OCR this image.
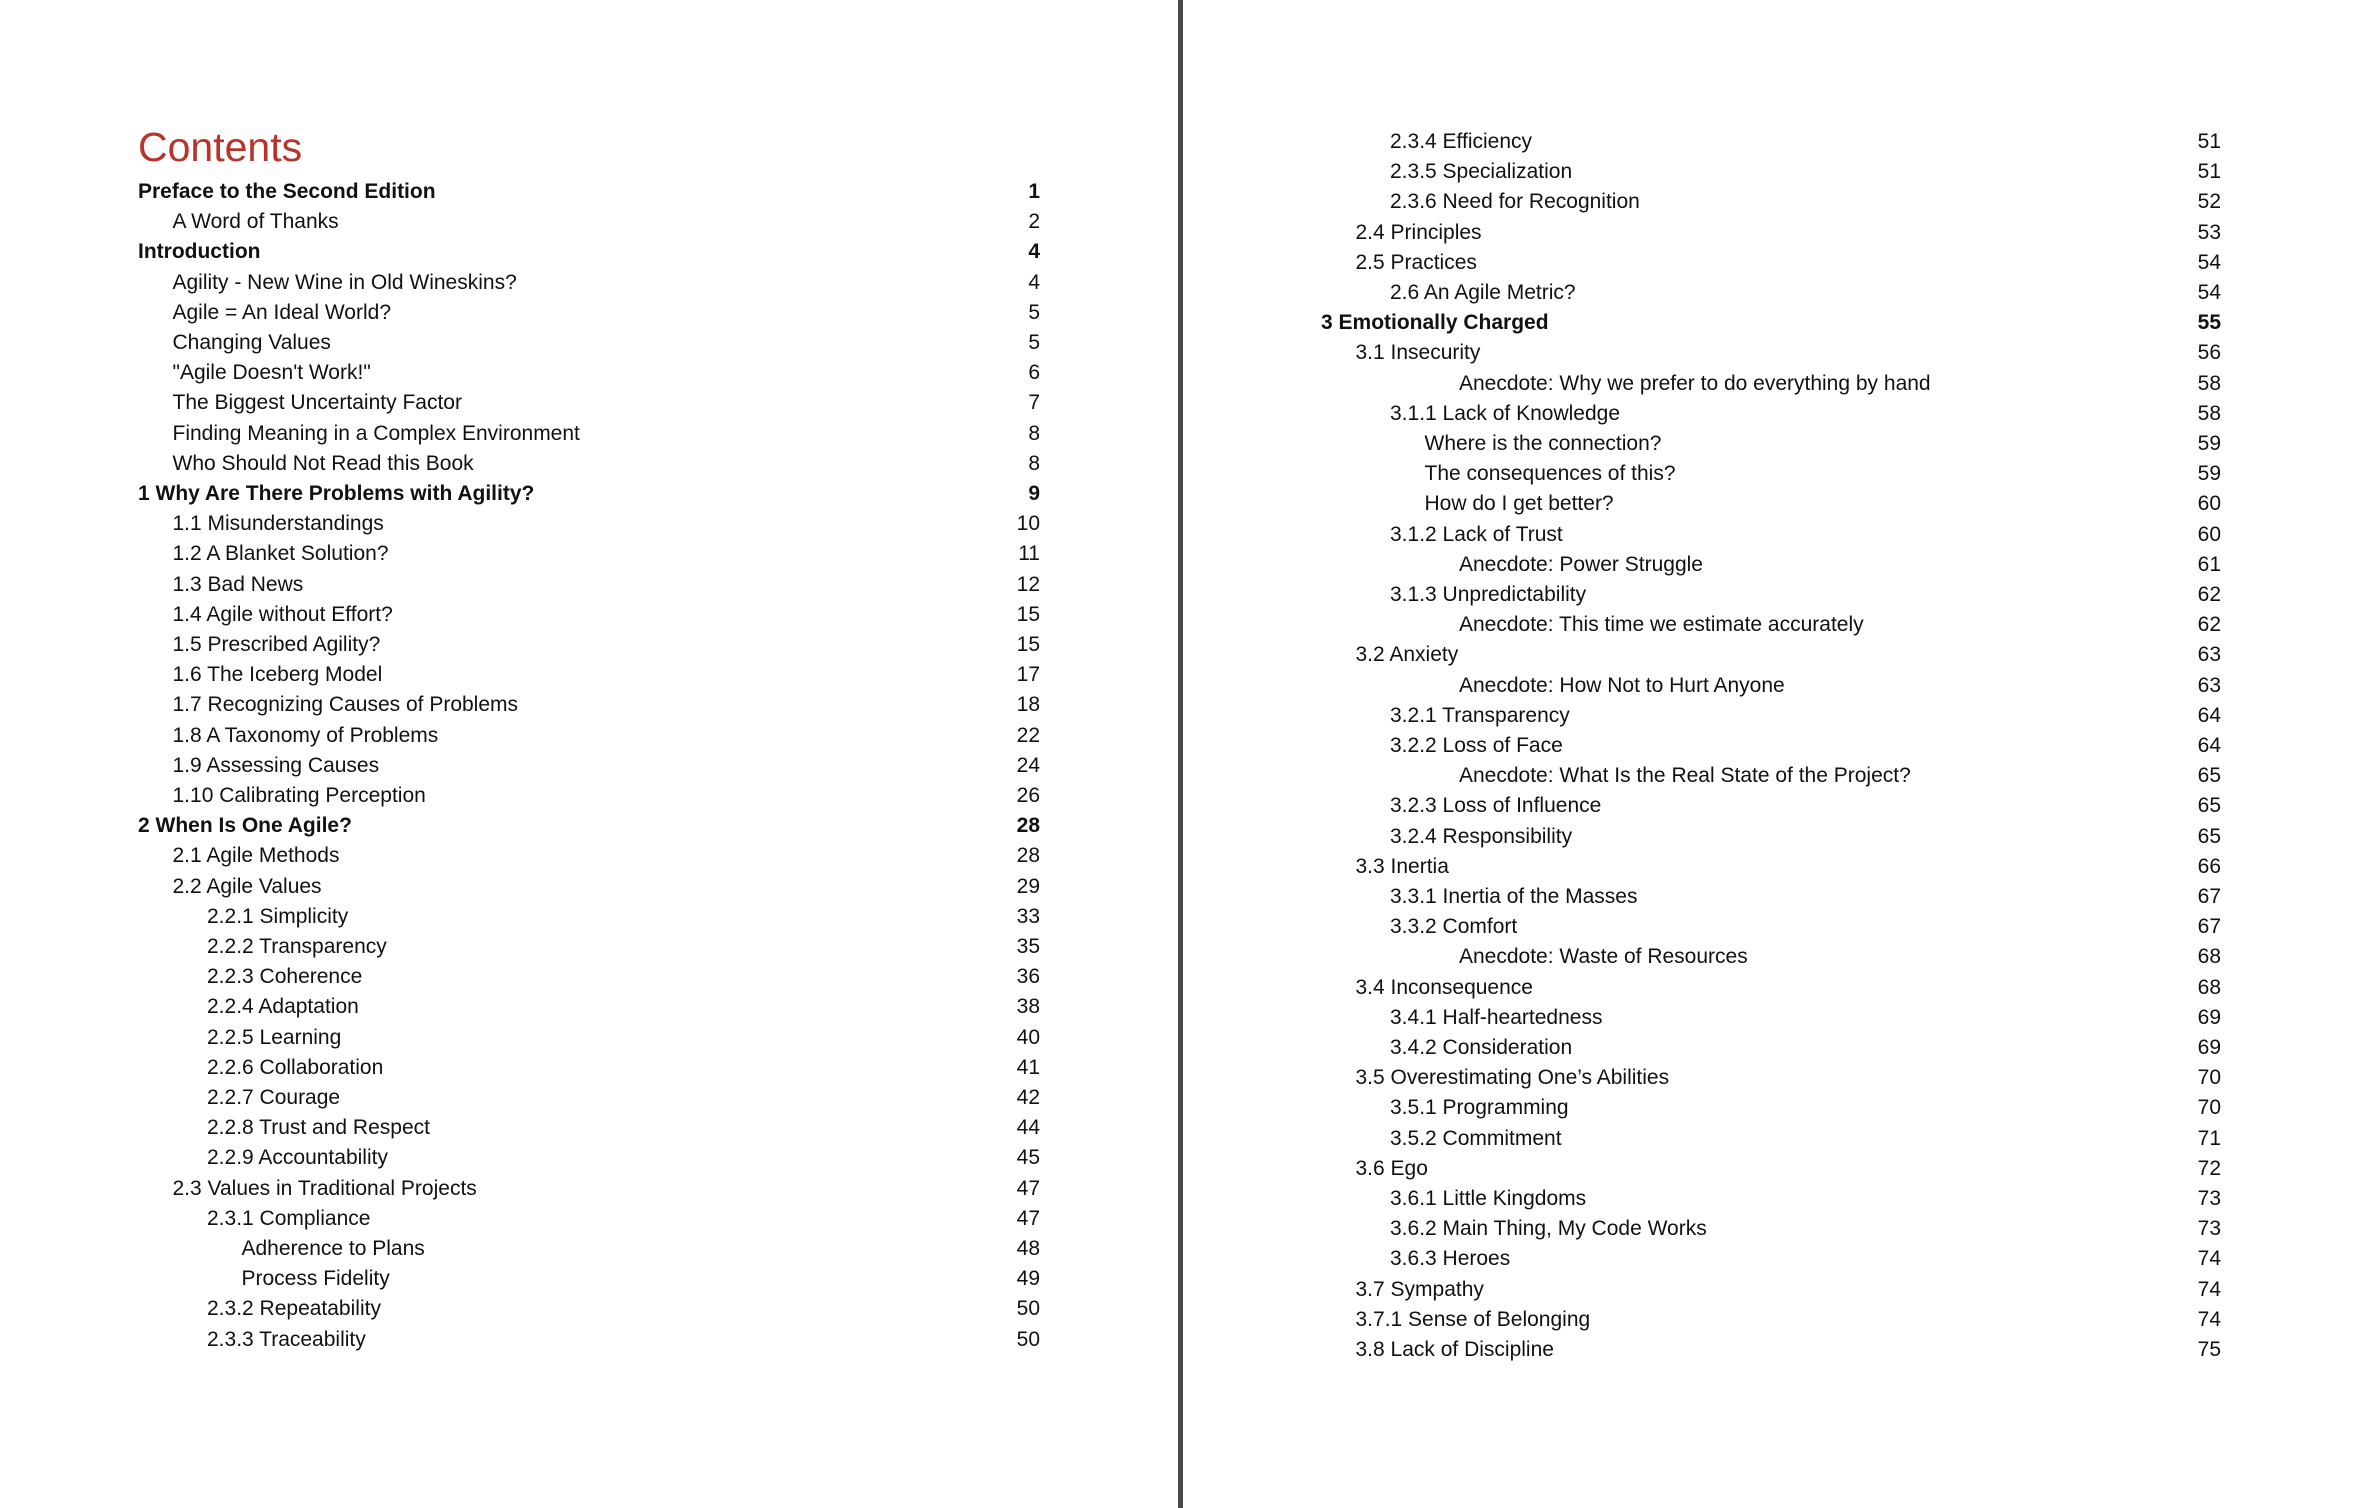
Contents
Preface to the Second Edition	1
A Word of Thanks	2
Introduction	4
Agility - New Wine in Old Wineskins?	4
Agile = An Ideal World?	5
Changing Values	5
"Agile Doesn't Work!"	6
The Biggest Uncertainty Factor	7
Finding Meaning in a Complex Environment	8
Who Should Not Read this Book	8
1 Why Are There Problems with Agility?	9
1.1 Misunderstandings	10
1.2 A Blanket Solution?	11
1.3 Bad News	12
1.4 Agile without Effort?	15
1.5 Prescribed Agility?	15
1.6 The Iceberg Model	17
1.7 Recognizing Causes of Problems	18
1.8 A Taxonomy of Problems	22
1.9 Assessing Causes	24
1.10 Calibrating Perception	26
2 When Is One Agile?	28
2.1 Agile Methods	28
2.2 Agile Values	29
2.2.1 Simplicity	33
2.2.2 Transparency	35
2.2.3 Coherence	36
2.2.4 Adaptation	38
2.2.5 Learning	40
2.2.6 Collaboration	41
2.2.7 Courage	42
2.2.8 Trust and Respect	44
2.2.9 Accountability	45
2.3 Values in Traditional Projects	47
2.3.1 Compliance	47
Adherence to Plans	48
Process Fidelity	49
2.3.2 Repeatability	50
2.3.3 Traceability	50
2.3.4 Efficiency	51
2.3.5 Specialization	51
2.3.6 Need for Recognition	52
2.4 Principles	53
2.5 Practices	54
2.6 An Agile Metric?	54
3 Emotionally Charged	55
3.1 Insecurity	56
Anecdote: Why we prefer to do everything by hand	58
3.1.1 Lack of Knowledge	58
Where is the connection?	59
The consequences of this?	59
How do I get better?	60
3.1.2 Lack of Trust	60
Anecdote: Power Struggle	61
3.1.3 Unpredictability	62
Anecdote: This time we estimate accurately	62
3.2 Anxiety	63
Anecdote: How Not to Hurt Anyone	63
3.2.1 Transparency	64
3.2.2 Loss of Face	64
Anecdote: What Is the Real State of the Project?	65
3.2.3 Loss of Influence	65
3.2.4 Responsibility	65
3.3 Inertia	66
3.3.1 Inertia of the Masses	67
3.3.2 Comfort	67
Anecdote: Waste of Resources	68
3.4 Inconsequence	68
3.4.1 Half-heartedness	69
3.4.2 Consideration	69
3.5 Overestimating One’s Abilities	70
3.5.1 Programming	70
3.5.2 Commitment	71
3.6 Ego	72
3.6.1 Little Kingdoms	73
3.6.2 Main Thing, My Code Works	73
3.6.3 Heroes	74
3.7 Sympathy	74
3.7.1 Sense of Belonging	74
3.8 Lack of Discipline	75
